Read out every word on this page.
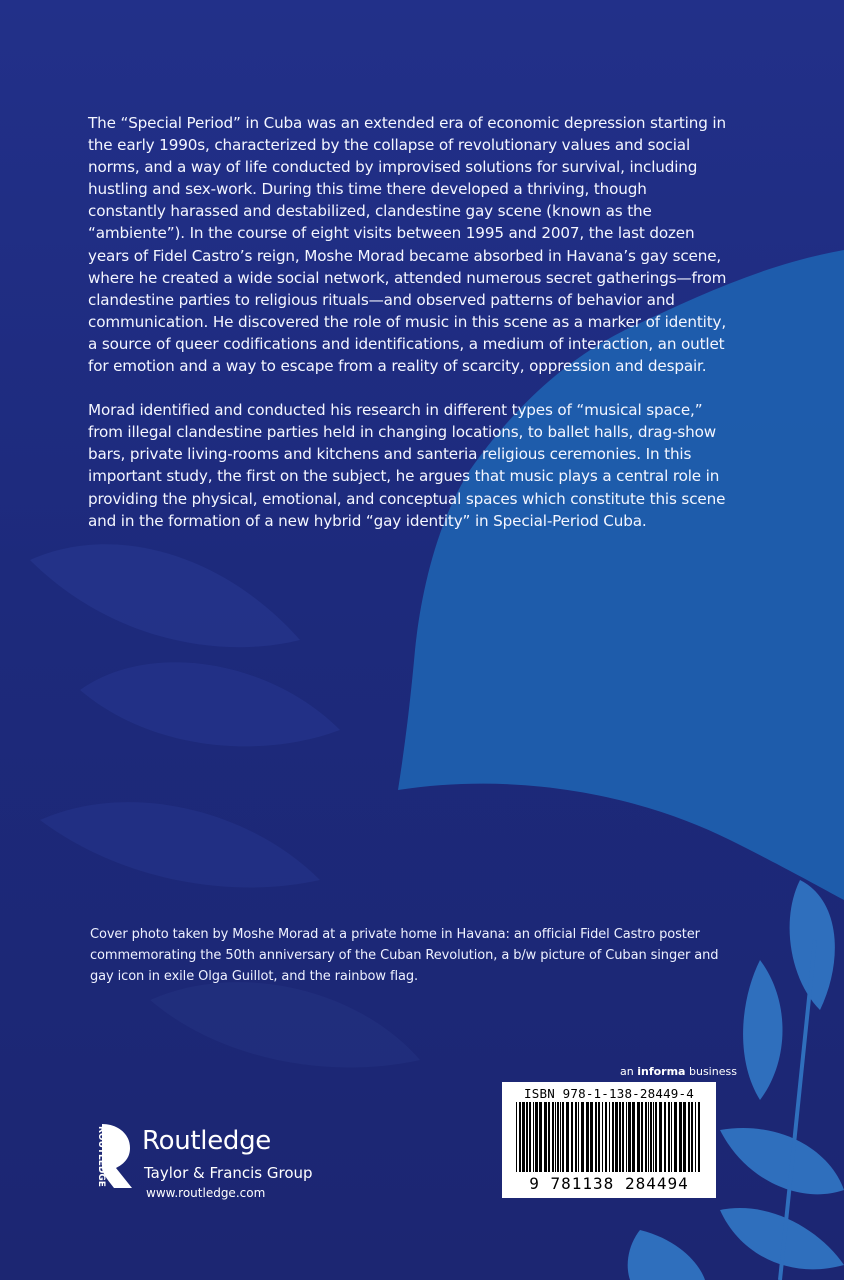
The “Special Period” in Cuba was an extended era of economic depression starting in the early 1990s, characterized by the collapse of revolutionary values and social norms, and a way of life conducted by improvised solutions for survival, including hustling and sex-work. During this time there developed a thriving, though constantly harassed and destabilized, clandestine gay scene (known as the “ambiente”). In the course of eight visits between 1995 and 2007, the last dozen years of Fidel Castro’s reign, Moshe Morad became absorbed in Havana’s gay scene, where he created a wide social network, attended numerous secret gatherings—from clandestine parties to religious rituals—and observed patterns of behavior and communication. He discovered the role of music in this scene as a marker of identity, a source of queer codifications and identifications, a medium of interaction, an outlet for emotion and a way to escape from a reality of scarcity, oppression and despair.

Morad identified and conducted his research in different types of “musical space,” from illegal clandestine parties held in changing locations, to ballet halls, drag-show bars, private living-rooms and kitchens and santeria religious ceremonies. In this important study, the first on the subject, he argues that music plays a central role in providing the physical, emotional, and conceptual spaces which constitute this scene and in the formation of a new hybrid “gay identity” in Special-Period Cuba.

Cover photo taken by Moshe Morad at a private home in Havana: an official Fidel Castro poster commemorating the 50th anniversary of the Cuban Revolution, a b/w picture of Cuban singer and gay icon in exile Olga Guillot, and the rainbow flag.
an informa business
ISBN 978-1-138-28449-4
9 781138 284494
ROUTLEDGE Routledge
Taylor & Francis Group
www.routledge.com
